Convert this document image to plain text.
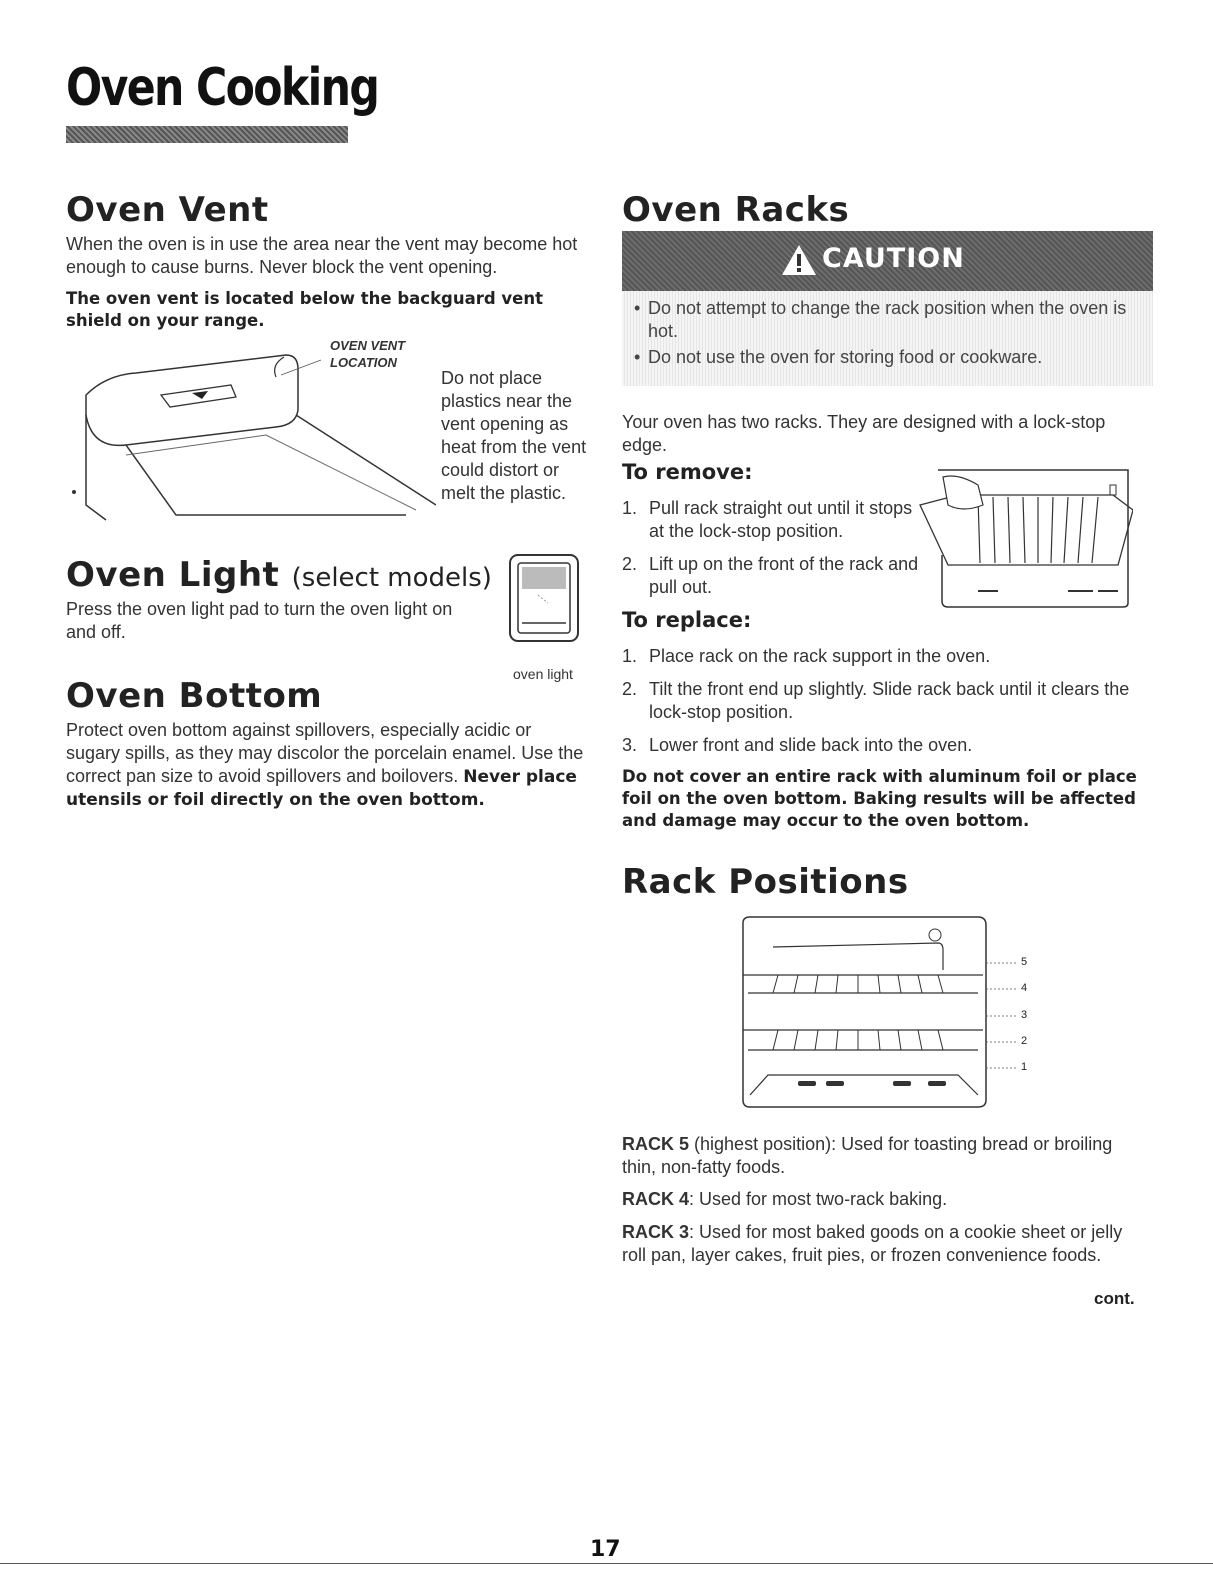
Oven Cooking
Oven Vent

When the oven is in use the area near the vent may become hot enough to cause burns. Never block the vent opening.

The oven vent is located below the backguard vent shield on your range.

OVEN VENT
LOCATION

Do not place plastics near the vent opening as heat from the vent could distort or melt the plastic.

Oven Light (select models)

Press the oven light pad to turn the oven light on and off.

oven light
Oven Bottom

Protect oven bottom against spillovers, especially acidic or sugary spills, as they may discolor the porcelain enamel. Use the correct pan size to avoid spillovers and boilovers. Never place utensils or foil directly on the oven bottom.

Oven Racks
CAUTION
• Do not attempt to change the rack position when the oven is hot.
• Do not use the oven for storing food or cookware.

Your oven has two racks. They are designed with a lock-stop edge.

To remove:
1. Pull rack straight out until it stops at the lock-stop position.
2. Lift up on the front of the rack and pull out.
To replace:
1. Place rack on the rack support in the oven.
2. Tilt the front end up slightly. Slide rack back until it clears the lock-stop position.
3. Lower front and slide back into the oven.

Do not cover an entire rack with aluminum foil or place foil on the oven bottom. Baking results will be affected and damage may occur to the oven bottom.

Rack Positions
5
4
3
2
1

RACK 5 (highest position): Used for toasting bread or broiling thin, non-fatty foods.

RACK 4: Used for most two-rack baking.

RACK 3: Used for most baked goods on a cookie sheet or jelly roll pan, layer cakes, fruit pies, or frozen convenience foods.

cont.
17
